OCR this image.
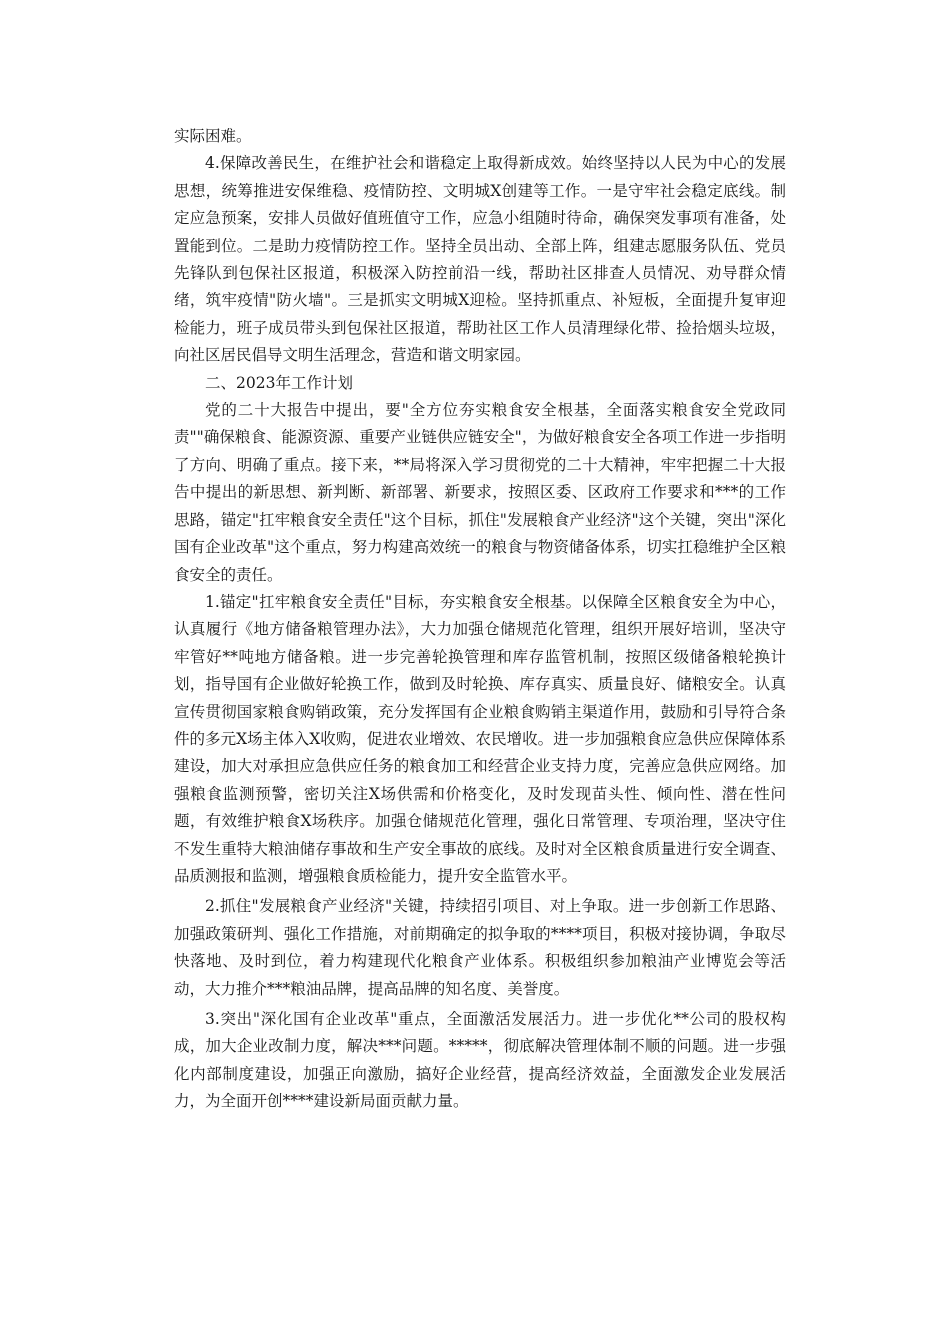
实际困难。

4.保障改善民生，在维护社会和谐稳定上取得新成效。始终坚持以人民为中心的发展思想，统筹推进安保维稳、疫情防控、文明城X创建等工作。一是守牢社会稳定底线。制定应急预案，安排人员做好值班值守工作，应急小组随时待命，确保突发事项有准备，处置能到位。二是助力疫情防控工作。坚持全员出动、全部上阵，组建志愿服务队伍、党员先锋队到包保社区报道，积极深入防控前沿一线，帮助社区排查人员情况、劝导群众情绪，筑牢疫情"防火墙"。三是抓实文明城X迎检。坚持抓重点、补短板，全面提升复审迎检能力，班子成员带头到包保社区报道，帮助社区工作人员清理绿化带、捡拾烟头垃圾，向社区居民倡导文明生活理念，营造和谐文明家园。

二、2023年工作计划

党的二十大报告中提出，要"全方位夯实粮食安全根基，全面落实粮食安全党政同责""确保粮食、能源资源、重要产业链供应链安全"，为做好粮食安全各项工作进一步指明了方向、明确了重点。接下来，**局将深入学习贯彻党的二十大精神，牢牢把握二十大报告中提出的新思想、新判断、新部署、新要求，按照区委、区政府工作要求和***的工作思路，锚定"扛牢粮食安全责任"这个目标，抓住"发展粮食产业经济"这个关键，突出"深化国有企业改革"这个重点，努力构建高效统一的粮食与物资储备体系，切实扛稳维护全区粮食安全的责任。

1.锚定"扛牢粮食安全责任"目标，夯实粮食安全根基。以保障全区粮食安全为中心，认真履行《地方储备粮管理办法》，大力加强仓储规范化管理，组织开展好培训，坚决守牢管好**吨地方储备粮。进一步完善轮换管理和库存监管机制，按照区级储备粮轮换计划，指导国有企业做好轮换工作，做到及时轮换、库存真实、质量良好、储粮安全。认真宣传贯彻国家粮食购销政策，充分发挥国有企业粮食购销主渠道作用，鼓励和引导符合条件的多元X场主体入X收购，促进农业增效、农民增收。进一步加强粮食应急供应保障体系建设，加大对承担应急供应任务的粮食加工和经营企业支持力度，完善应急供应网络。加强粮食监测预警，密切关注X场供需和价格变化，及时发现苗头性、倾向性、潜在性问题，有效维护粮食X场秩序。加强仓储规范化管理，强化日常管理、专项治理，坚决守住不发生重特大粮油储存事故和生产安全事故的底线。及时对全区粮食质量进行安全调查、品质测报和监测，增强粮食质检能力，提升安全监管水平。

2.抓住"发展粮食产业经济"关键，持续招引项目、对上争取。进一步创新工作思路、加强政策研判、强化工作措施，对前期确定的拟争取的****项目，积极对接协调，争取尽快落地、及时到位，着力构建现代化粮食产业体系。积极组织参加粮油产业博览会等活动，大力推介***粮油品牌，提高品牌的知名度、美誉度。

3.突出"深化国有企业改革"重点，全面激活发展活力。进一步优化**公司的股权构成，加大企业改制力度，解决***问题。*****，彻底解决管理体制不顺的问题。进一步强化内部制度建设，加强正向激励，搞好企业经营，提高经济效益，全面激发企业发展活力，为全面开创****建设新局面贡献力量。
